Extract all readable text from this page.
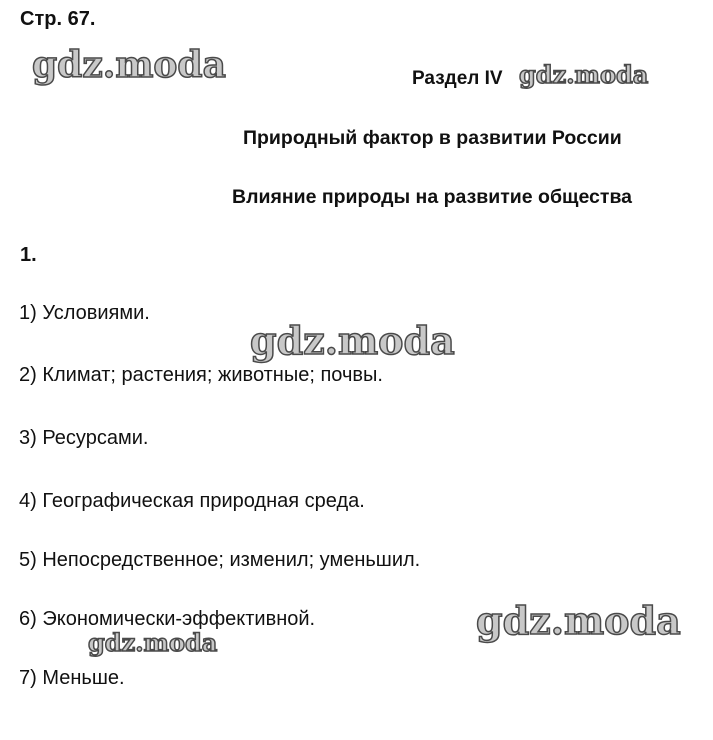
Стр. 67.
Раздел IV
Природный фактор в развитии России
Влияние природы на развитие общества
1.
1) Условиями.
2) Климат; растения; животные; почвы.
3) Ресурсами.
4) Географическая природная среда.
5) Непосредственное; изменил; уменьшил.
6) Экономически-эффективной.
7) Меньше.
gdz.moda	gdz.moda
gdz.moda
gdz.moda
gdz.moda
